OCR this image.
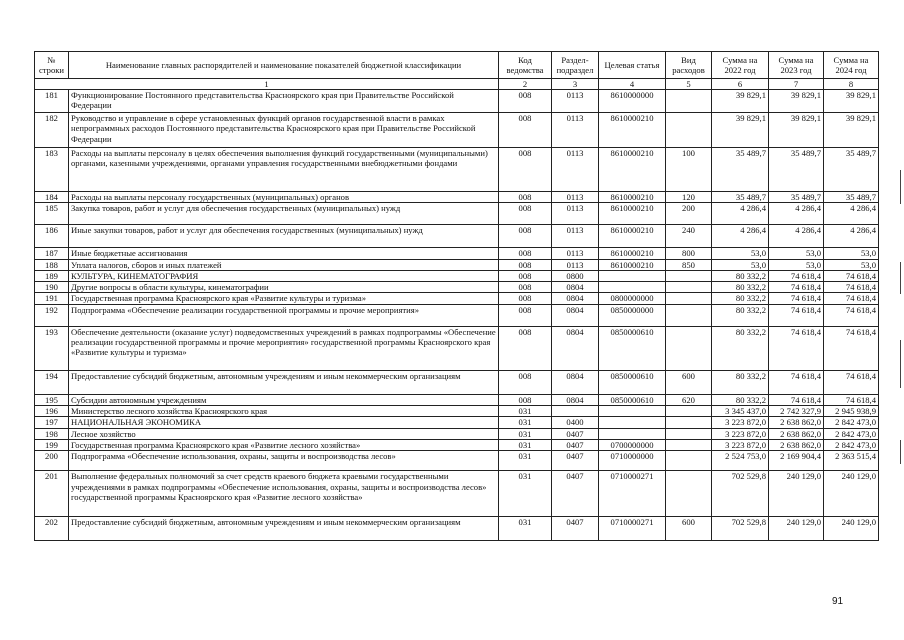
№ строки	Наименование главных распорядителей и наименование показателей бюджетной классификации	Код ведомства	Раздел-подраздел	Целевая статья	Вид расходов	Сумма на 2022 год	Сумма на 2023 год	Сумма на 2024 год
1		2	3	4	5	6	7	8
181	Функционирование Постоянного представительства Красноярского края при Правительстве Российской Федерации	008	0113	8610000000		39 829,1	39 829,1	39 829,1
182	Руководство и управление в сфере установленных функций органов государственной власти в рамках непрограммных расходов Постоянного представительства Красноярского края при Правительстве Российской Федерации	008	0113	8610000210		39 829,1	39 829,1	39 829,1
183	Расходы на выплаты персоналу в целях обеспечения выполнения функций государственными (муниципальными) органами, казенными учреждениями, органами управления государственными внебюджетными фондами	008	0113	8610000210	100	35 489,7	35 489,7	35 489,7
184	Расходы на выплаты персоналу государственных (муниципальных) органов	008	0113	8610000210	120	35 489,7	35 489,7	35 489,7
185	Закупка товаров, работ и услуг для обеспечения государственных (муниципальных) нужд	008	0113	8610000210	200	4 286,4	4 286,4	4 286,4
186	Иные закупки товаров, работ и услуг для обеспечения государственных (муниципальных) нужд	008	0113	8610000210	240	4 286,4	4 286,4	4 286,4
187	Иные бюджетные ассигнования	008	0113	8610000210	800	53,0	53,0	53,0
188	Уплата налогов, сборов и иных платежей	008	0113	8610000210	850	53,0	53,0	53,0
189	КУЛЬТУРА, КИНЕМАТОГРАФИЯ	008	0800			80 332,2	74 618,4	74 618,4
190	Другие вопросы в области культуры, кинематографии	008	0804			80 332,2	74 618,4	74 618,4
191	Государственная программа Красноярского края «Развитие культуры и туризма»	008	0804	0800000000		80 332,2	74 618,4	74 618,4
192	Подпрограмма «Обеспечение реализации государственной программы и прочие мероприятия»	008	0804	0850000000		80 332,2	74 618,4	74 618,4
193	Обеспечение деятельности (оказание услуг) подведомственных учреждений в рамках подпрограммы «Обеспечение реализации государственной программы и прочие мероприятия» государственной программы Красноярского края «Развитие культуры и туризма»	008	0804	0850000610		80 332,2	74 618,4	74 618,4
194	Предоставление субсидий бюджетным, автономным учреждениям и иным некоммерческим организациям	008	0804	0850000610	600	80 332,2	74 618,4	74 618,4
195	Субсидии автономным учреждениям	008	0804	0850000610	620	80 332,2	74 618,4	74 618,4
196	Министерство лесного хозяйства Красноярского края	031				3 345 437,0	2 742 327,9	2 945 938,9
197	НАЦИОНАЛЬНАЯ ЭКОНОМИКА	031	0400			3 223 872,0	2 638 862,0	2 842 473,0
198	Лесное хозяйство	031	0407			3 223 872,0	2 638 862,0	2 842 473,0
199	Государственная программа Красноярского края «Развитие лесного хозяйства»	031	0407	0700000000		3 223 872,0	2 638 862,0	2 842 473,0
200	Подпрограмма «Обеспечение использования, охраны, защиты и воспроизводства лесов»	031	0407	0710000000		2 524 753,0	2 169 904,4	2 363 515,4
201	Выполнение федеральных полномочий за счет средств краевого бюджета краевыми государственными учреждениями в рамках подпрограммы «Обеспечение использования, охраны, защиты и воспроизводства лесов» государственной программы Красноярского края «Развитие лесного хозяйства»	031	0407	0710000271		702 529,8	240 129,0	240 129,0
202	Предоставление субсидий бюджетным, автономным учреждениям и иным некоммерческим организациям	031	0407	0710000271	600	702 529,8	240 129,0	240 129,0
91
